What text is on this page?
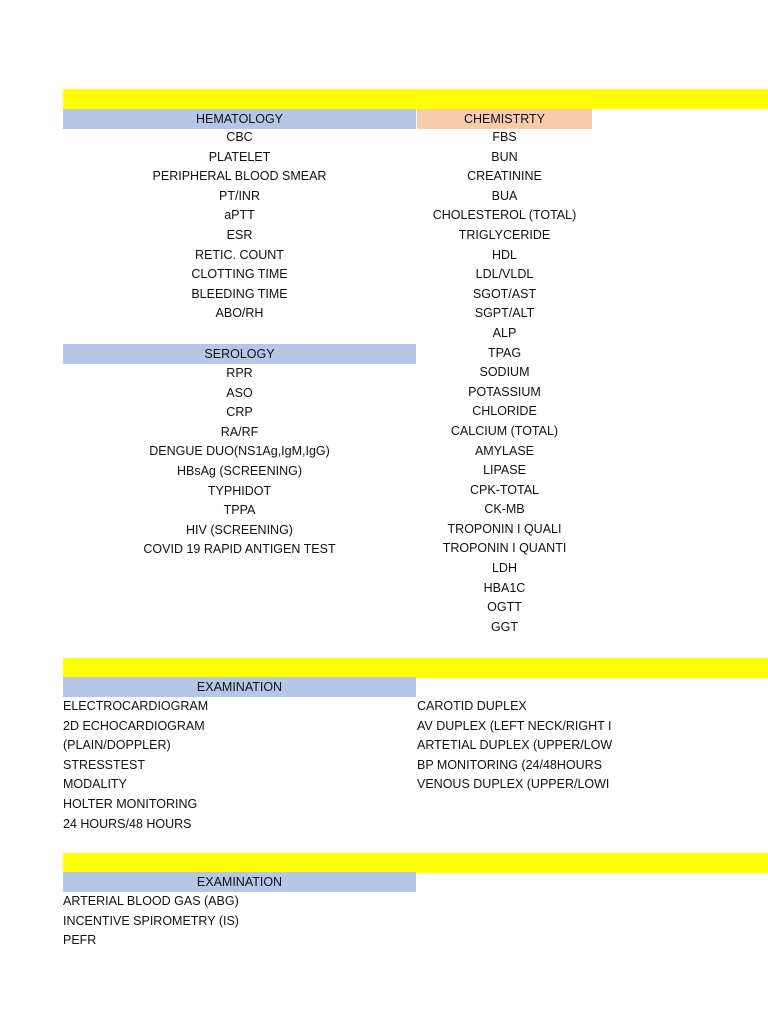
HEMATOLOGY
CBC
PLATELET
PERIPHERAL BLOOD SMEAR
PT/INR
aPTT
ESR
RETIC. COUNT
CLOTTING TIME
BLEEDING TIME
ABO/RH
CHEMISTRTY
FBS
BUN
CREATININE
BUA
CHOLESTEROL (TOTAL)
TRIGLYCERIDE
HDL
LDL/VLDL
SGOT/AST
SGPT/ALT
ALP
TPAG
SODIUM
POTASSIUM
CHLORIDE
CALCIUM (TOTAL)
AMYLASE
LIPASE
CPK-TOTAL
CK-MB
TROPONIN I QUALI
TROPONIN I QUANTI
LDH
HBA1C
OGTT
GGT
SEROLOGY
RPR
ASO
CRP
RA/RF
DENGUE DUO(NS1Ag,IgM,IgG)
HBsAg (SCREENING)
TYPHIDOT
TPPA
HIV (SCREENING)
COVID 19 RAPID ANTIGEN TEST
EXAMINATION
ELECTROCARDIOGRAM
2D ECHOCARDIOGRAM
(PLAIN/DOPPLER)
STRESSTEST
MODALITY
HOLTER MONITORING
24 HOURS/48 HOURS
CAROTID DUPLEX
AV DUPLEX (LEFT NECK/RIGHT I
ARTETIAL DUPLEX (UPPER/LOW
BP MONITORING (24/48HOURS
VENOUS DUPLEX (UPPER/LOWI
EXAMINATION
ARTERIAL BLOOD GAS (ABG)
INCENTIVE SPIROMETRY (IS)
PEFR
